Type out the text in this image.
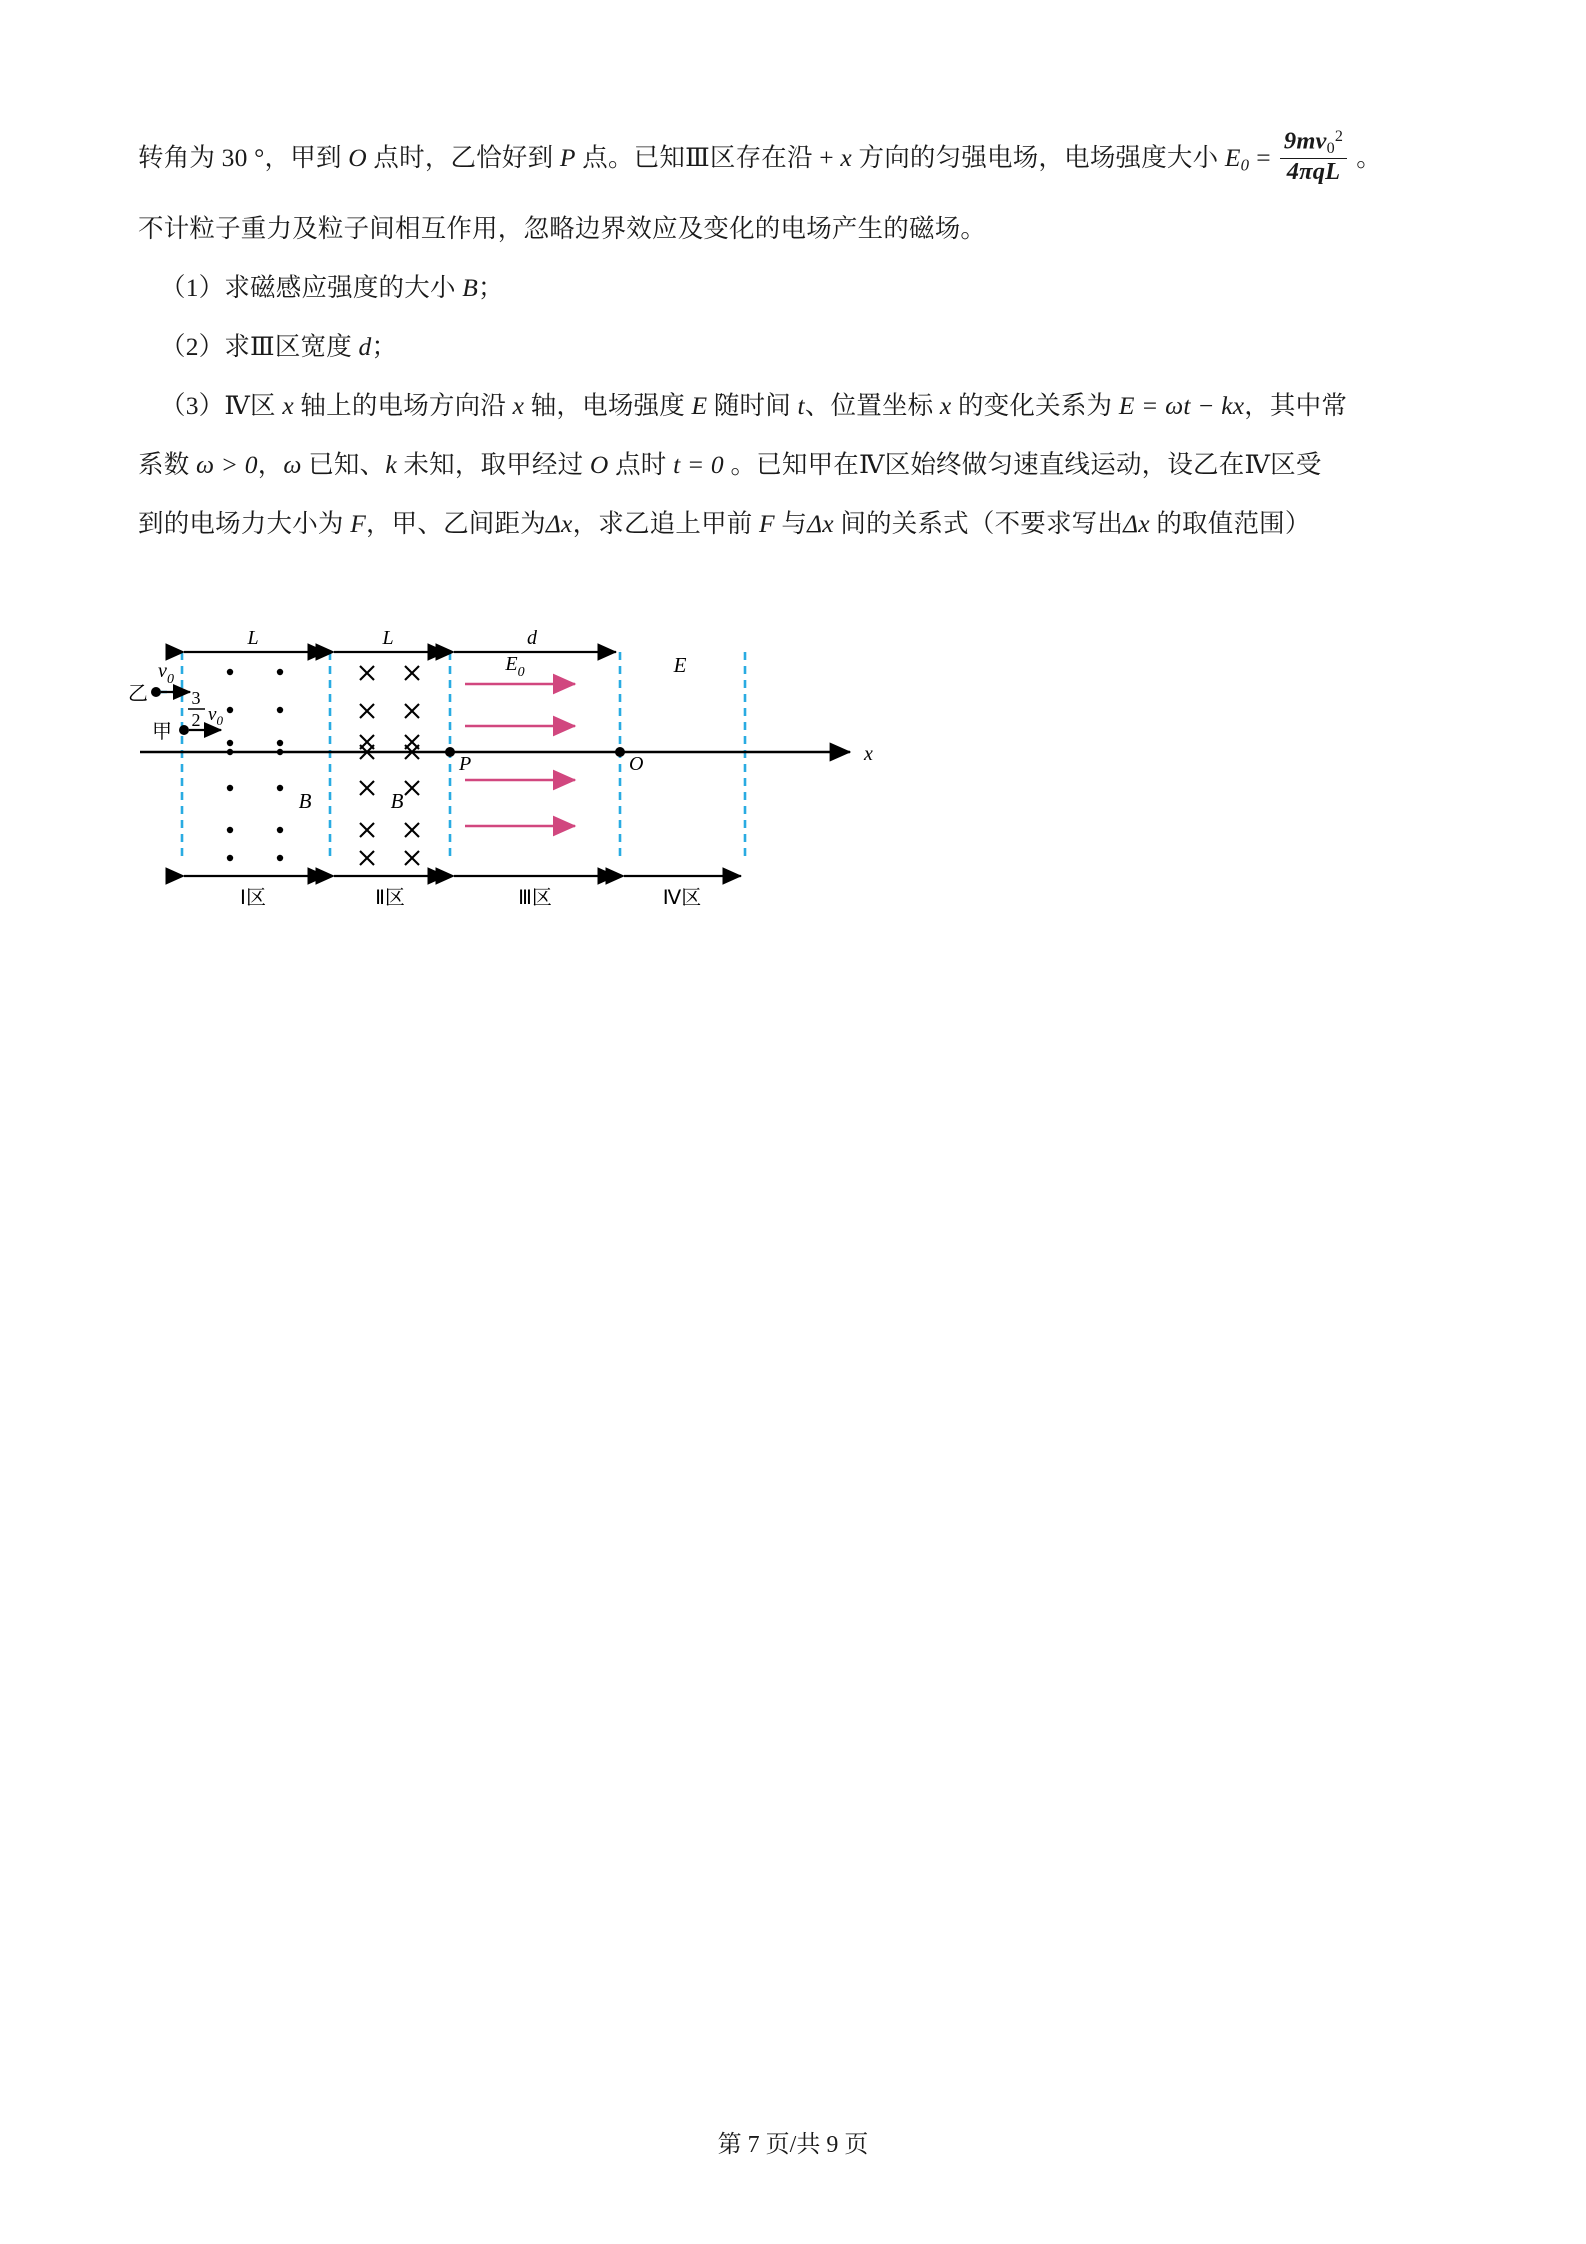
转角为 30 °，甲到 O 点时，乙恰好到 P 点。已知Ⅲ区存在沿 + x 方向的匀强电场，电场强度大小 $E_0 = \frac{9mv_0^2}{\text{4πqL}}$ 。
不计粒子重力及粒子间相互作用，忽略边界效应及变化的电场产生的磁场。
（1）求磁感应强度的大小 B；
（2）求Ⅲ区宽度 d；
（3）Ⅳ区 x 轴上的电场方向沿 x 轴，电场强度 E 随时间 t、位置坐标 x 的变化关系为 E = ωt − kx，其中常
系数 ω > 0，ω 已知、k 未知，取甲经过 O 点时 t = 0 。已知甲在Ⅳ区始终做匀速直线运动，设乙在Ⅳ区受
到的电场力大小为 F，甲、乙间距为Δx，求乙追上甲前 F 与Δx 间的关系式（不要求写出Δx 的取值范围）
L	L	d
x
B	B
$E_0$	E
P	O
乙
$v_0$
甲
3
2 $v_0$
Ⅰ区	Ⅱ区	Ⅲ区	Ⅳ区
第 7 页/共 9 页
